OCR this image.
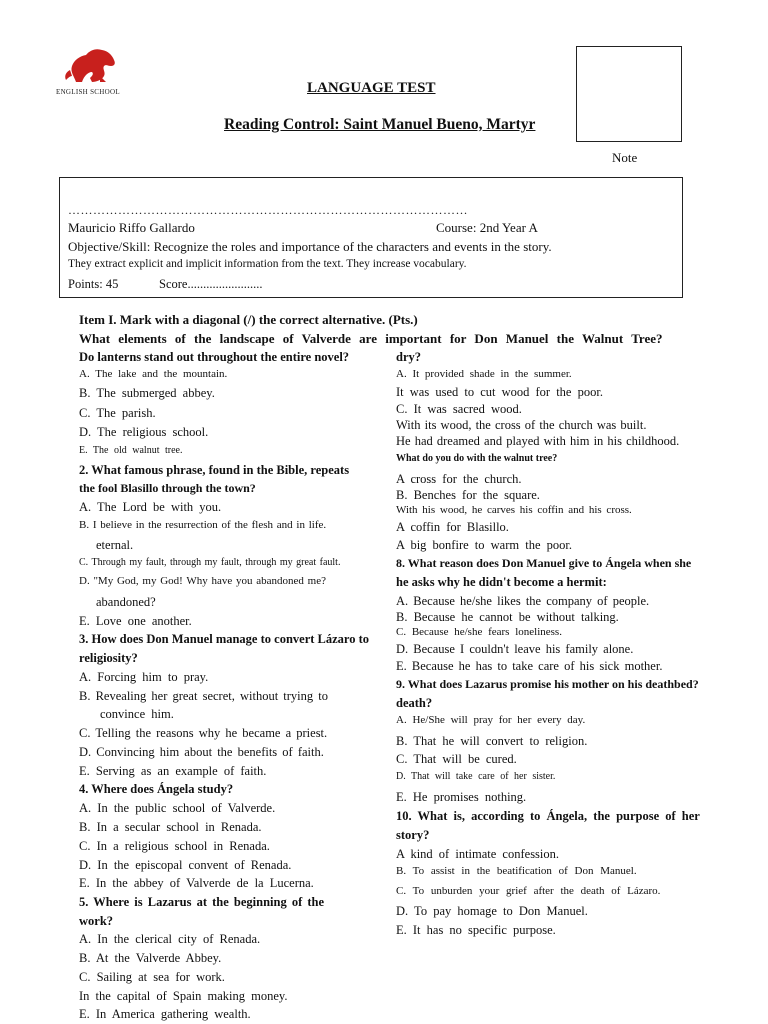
ENGLISH SCHOOL	LANGUAGE TEST
Reading Control: Saint Manuel Bueno, Martyr
Note
……………………………………………………………………………………
Mauricio Riffo Gallardo	Course: 2nd Year A
Objective/Skill: Recognize the roles and importance of the characters and events in the story.
They extract explicit and implicit information from the text. They increase vocabulary.
Points: 45	Score........................
Item I. Mark with a diagonal (/) the correct alternative. (Pts.)
What elements of the landscape of Valverde are important for Don Manuel the Walnut Tree?
Do lanterns stand out throughout the entire novel?
A. The lake and the mountain.
B. The submerged abbey.
C. The parish.
D. The religious school.
E. The old walnut tree.
2. What famous phrase, found in the Bible, repeats
the fool Blasillo through the town?
A. The Lord be with you.
B. I believe in the resurrection of the flesh and in life.
eternal.
C. Through my fault, through my fault, through my great fault.
D. "My God, my God! Why have you abandoned me?
abandoned?
E. Love one another.
3. How does Don Manuel manage to convert Lázaro to
religiosity?
A. Forcing him to pray.
B. Revealing her great secret, without trying to
convince him.
C. Telling the reasons why he became a priest.
D. Convincing him about the benefits of faith.
E. Serving as an example of faith.
4. Where does Ángela study?
A. In the public school of Valverde.
B. In a secular school in Renada.
C. In a religious school in Renada.
D. In the episcopal convent of Renada.
E. In the abbey of Valverde de la Lucerna.
5. Where is Lazarus at the beginning of the
work?
A. In the clerical city of Renada.
B. At the Valverde Abbey.
C. Sailing at sea for work.
In the capital of Spain making money.
E. In America gathering wealth.
dry?
A. It provided shade in the summer.
It was used to cut wood for the poor.
C. It was sacred wood.
With its wood, the cross of the church was built.
He had dreamed and played with him in his childhood.
What do you do with the walnut tree?
A cross for the church.
B. Benches for the square.
With his wood, he carves his coffin and his cross.
A coffin for Blasillo.
A big bonfire to warm the poor.
8. What reason does Don Manuel give to Ángela when she
he asks why he didn't become a hermit:
A. Because he/she likes the company of people.
B. Because he cannot be without talking.
C. Because he/she fears loneliness.
D. Because I couldn't leave his family alone.
E. Because he has to take care of his sick mother.
9. What does Lazarus promise his mother on his deathbed?
death?
A. He/She will pray for her every day.
B. That he will convert to religion.
C. That will be cured.
D. That will take care of her sister.
E. He promises nothing.
10. What is, according to Ángela, the purpose of her
story?
A kind of intimate confession.
B. To assist in the beatification of Don Manuel.
C. To unburden your grief after the death of Lázaro.
D. To pay homage to Don Manuel.
E. It has no specific purpose.
